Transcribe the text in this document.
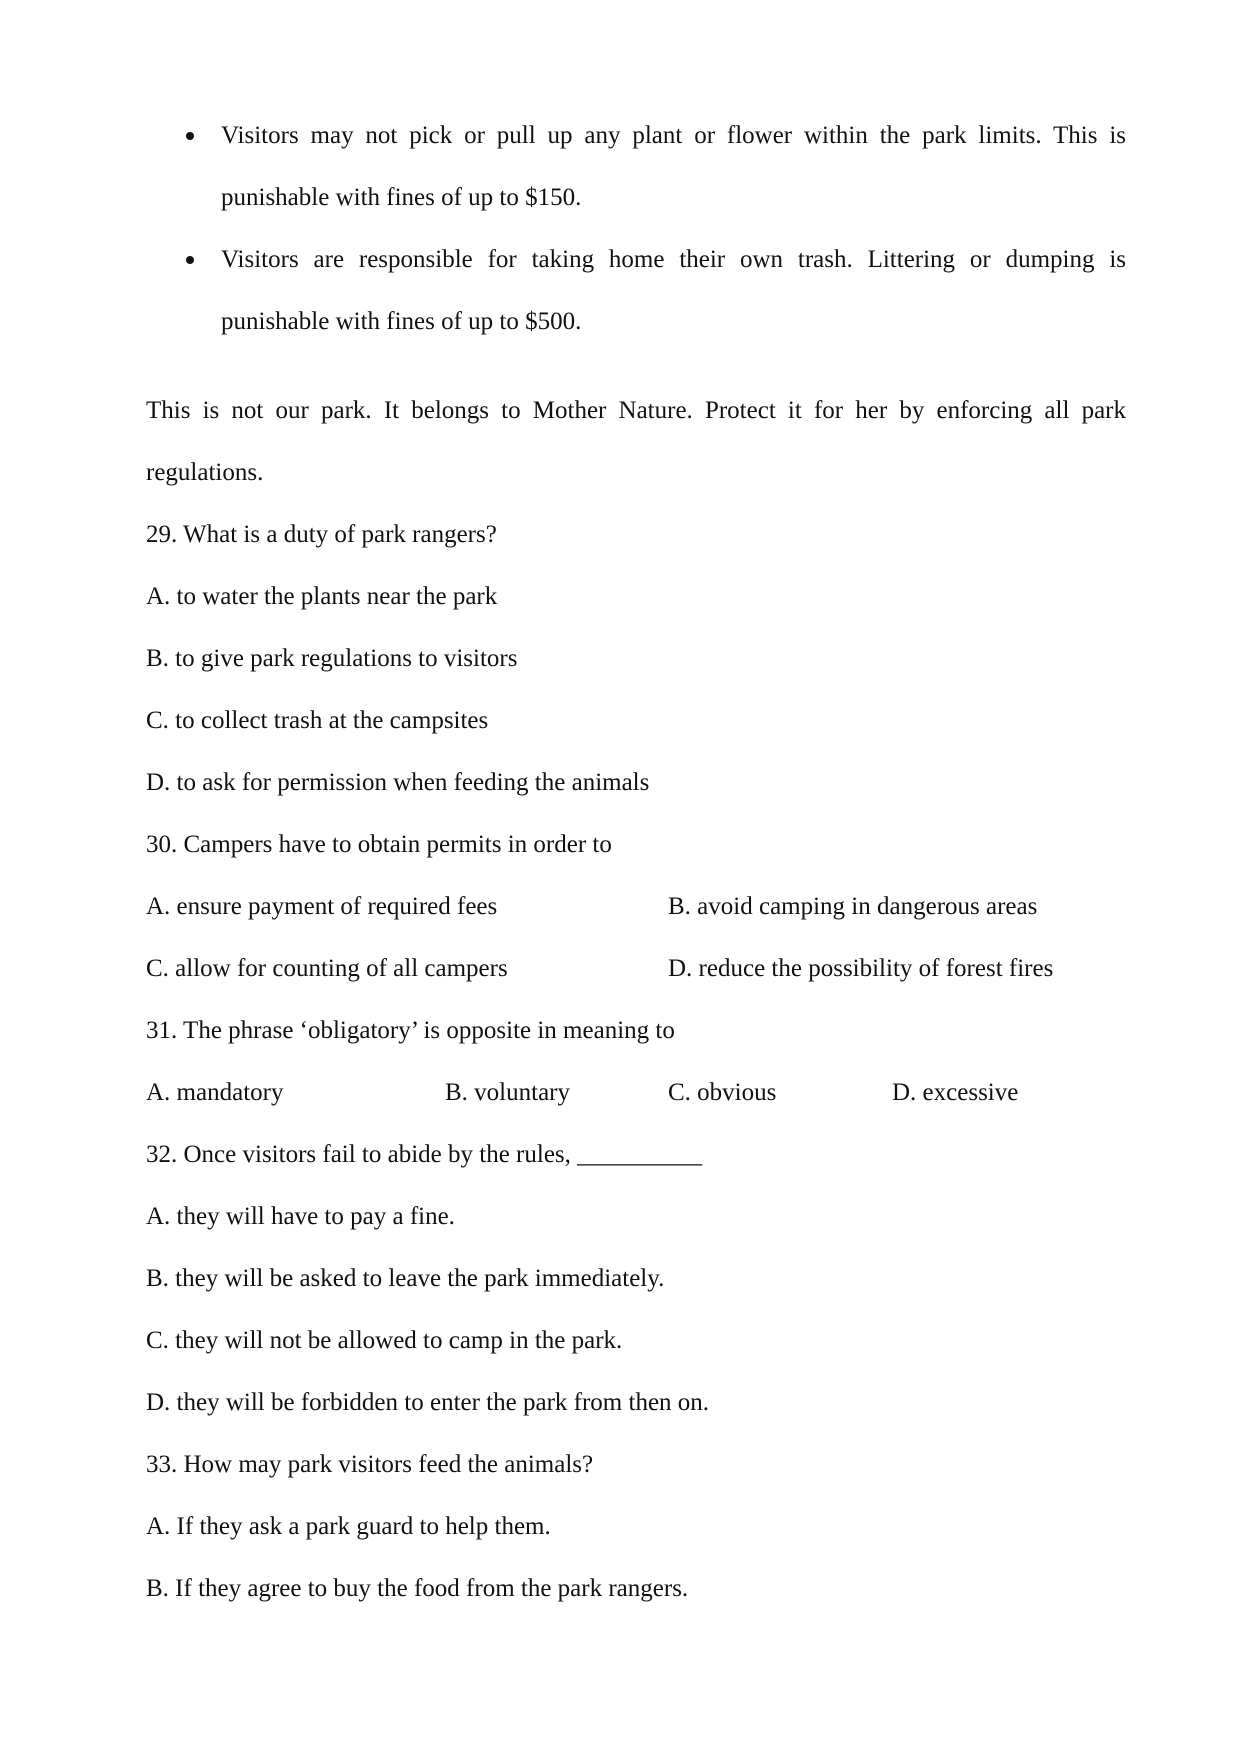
Visitors may not pick or pull up any plant or flower within the park limits. This is
punishable with fines of up to $150.
Visitors are responsible for taking home their own trash. Littering or dumping is
punishable with fines of up to $500.
This is not our park. It belongs to Mother Nature. Protect it for her by enforcing all park
regulations.
29. What is a duty of park rangers?
A. to water the plants near the park
B. to give park regulations to visitors
C. to collect trash at the campsites
D. to ask for permission when feeding the animals
30. Campers have to obtain permits in order to
A. ensure payment of required fees	B. avoid camping in dangerous areas
C. allow for counting of all campers	D. reduce the possibility of forest fires
31. The phrase ‘obligatory’ is opposite in meaning to
A. mandatory	B. voluntary	C. obvious	D. excessive
32. Once visitors fail to abide by the rules, __________
A. they will have to pay a fine.
B. they will be asked to leave the park immediately.
C. they will not be allowed to camp in the park.
D. they will be forbidden to enter the park from then on.
33. How may park visitors feed the animals?
A. If they ask a park guard to help them.
B. If they agree to buy the food from the park rangers.
